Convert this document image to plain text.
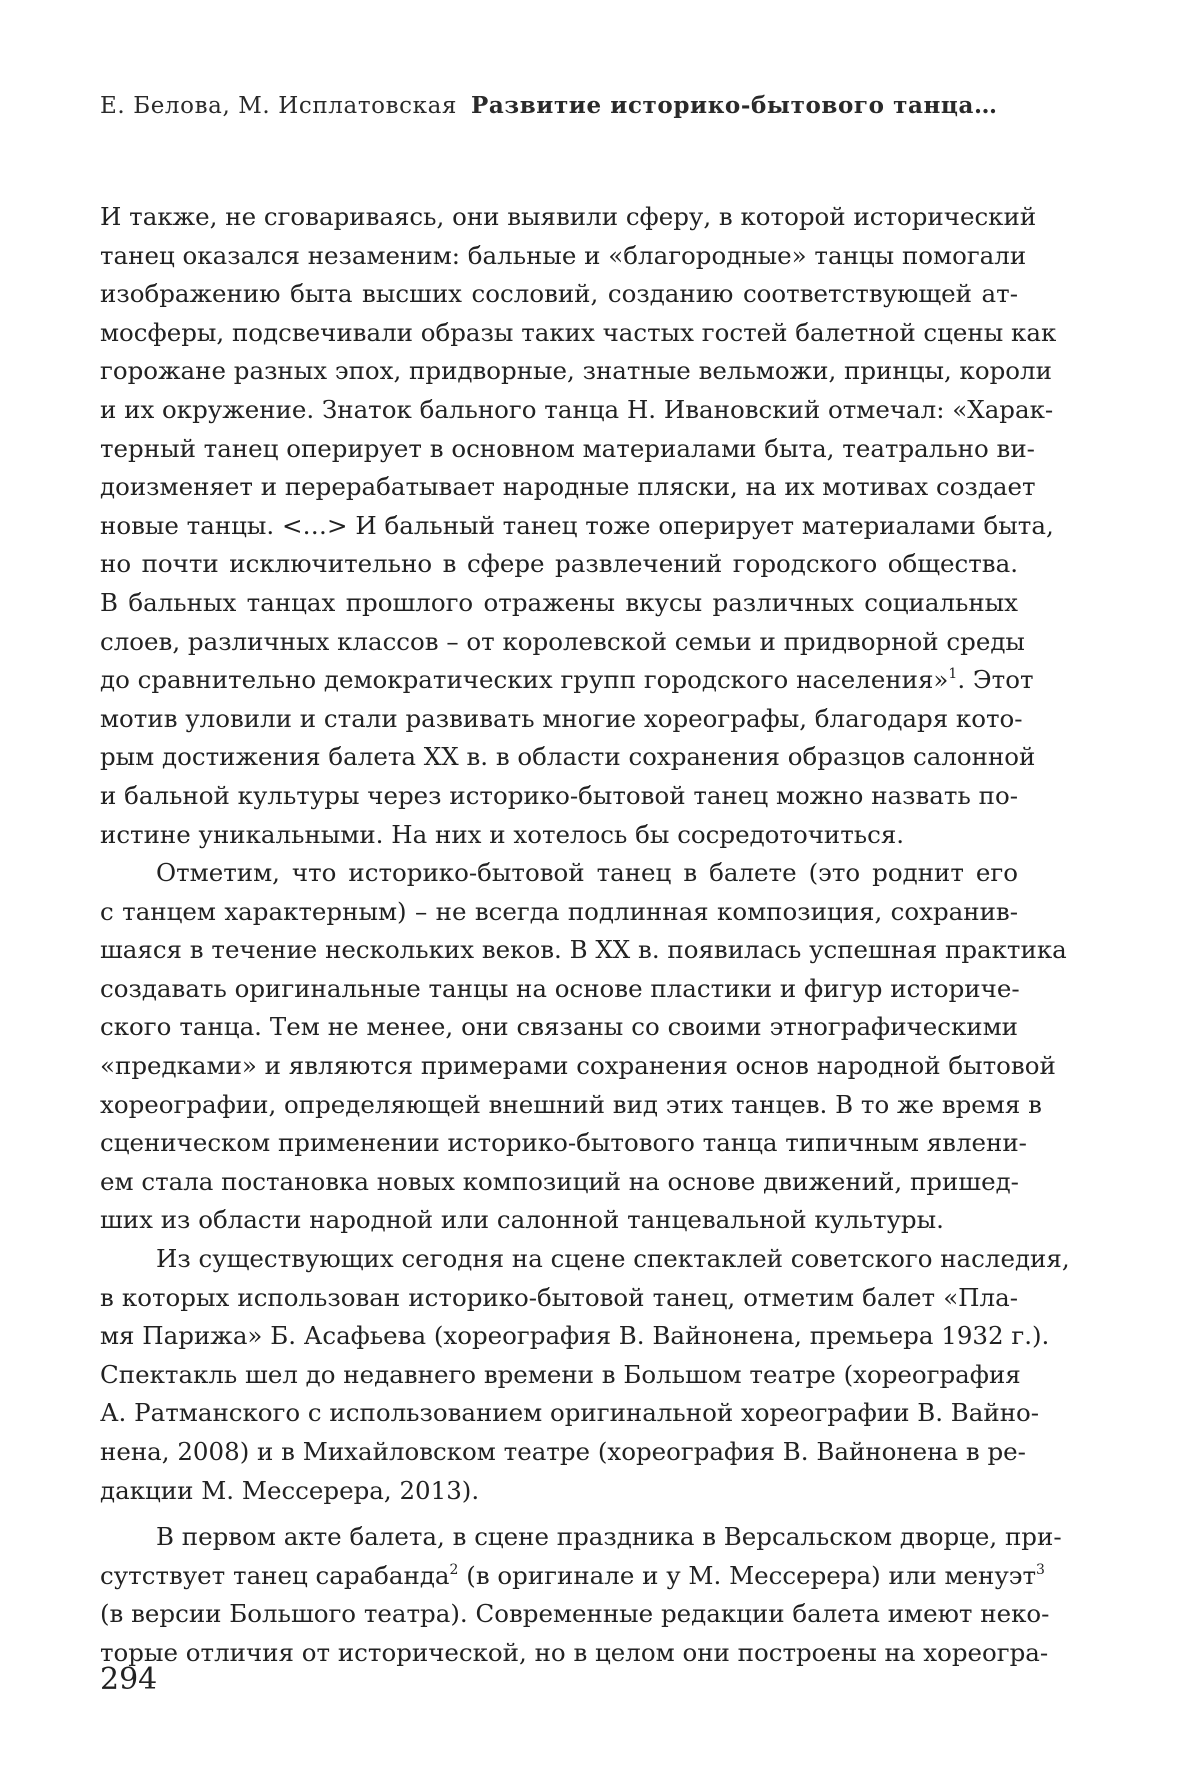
Е. Белова, М. Исплатовская Развитие историко-бытового танца…
И также, не сговариваясь, они выявили сферу, в которой исторический
танец оказался незаменим: бальные и «благородные» танцы помогали
изображению быта высших сословий, созданию соответствующей ат-
мосферы, подсвечивали образы таких частых гостей балетной сцены как
горожане разных эпох, придворные, знатные вельможи, принцы, короли
и их окружение. Знаток бального танца Н. Ивановский отмечал: «Харак-
терный танец оперирует в основном материалами быта, театрально ви-
доизменяет и перерабатывает народные пляски, на их мотивах создает
новые танцы. <…> И бальный танец тоже оперирует материалами быта,
но почти исключительно в сфере развлечений городского общества.
В бальных танцах прошлого отражены вкусы различных социальных
слоев, различных классов – от королевской семьи и придворной среды
до сравнительно демократических групп городского населения»1. Этот
мотив уловили и стали развивать многие хореографы, благодаря кото-
рым достижения балета XX в. в области сохранения образцов салонной
и бальной культуры через историко-бытовой танец можно назвать по-
истине уникальными. На них и хотелось бы сосредоточиться.
Отметим, что историко-бытовой танец в балете (это роднит его
с танцем характерным) – не всегда подлинная композиция, сохранив-
шаяся в течение нескольких веков. В XX в. появилась успешная практика
создавать оригинальные танцы на основе пластики и фигур историче-
ского танца. Тем не менее, они связаны со своими этнографическими
«предками» и являются примерами сохранения основ народной бытовой
хореографии, определяющей внешний вид этих танцев. В то же время в
сценическом применении историко-бытового танца типичным явлени-
ем стала постановка новых композиций на основе движений, пришед-
ших из области народной или салонной танцевальной культуры.
Из существующих сегодня на сцене спектаклей советского наследия,
в которых использован историко-бытовой танец, отметим балет «Пла-
мя Парижа» Б. Асафьева (хореография В. Вайнонена, премьера 1932 г.).
Спектакль шел до недавнего времени в Большом театре (хореография
А. Ратманского с использованием оригинальной хореографии В. Вайно-
нена, 2008) и в Михайловском театре (хореография В. Вайнонена в ре-
дакции М. Мессерера, 2013).
В первом акте балета, в сцене праздника в Версальском дворце, при-
сутствует танец сарабанда2 (в оригинале и у М. Мессерера) или менуэт3
(в версии Большого театра). Современные редакции балета имеют неко-
торые отличия от исторической, но в целом они построены на хореогра-
294
